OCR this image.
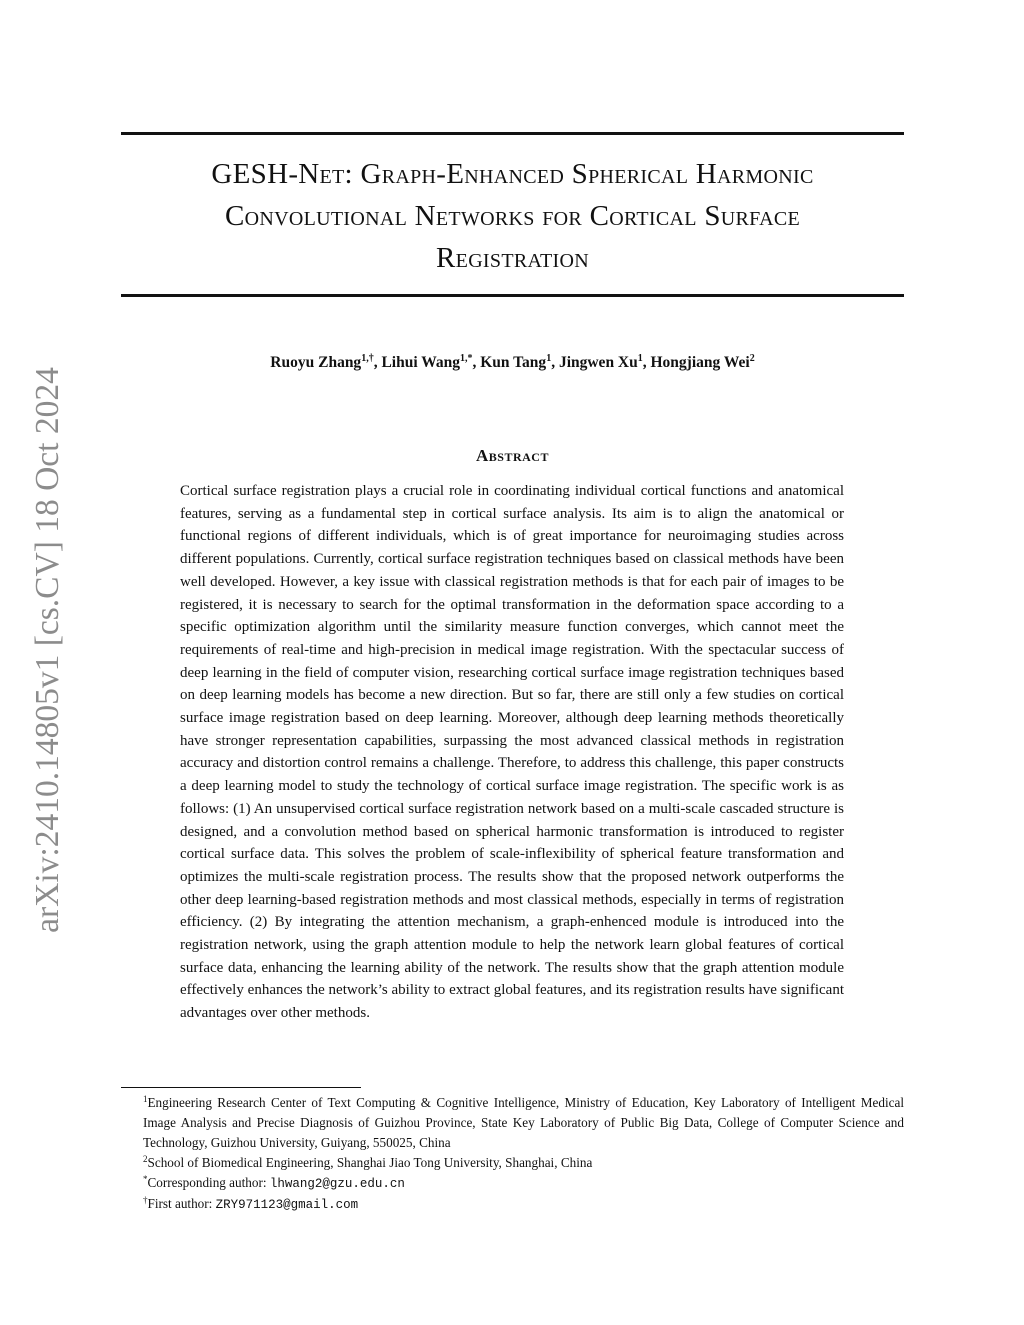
arXiv:2410.14805v1 [cs.CV] 18 Oct 2024
GESH-Net: Graph-Enhanced Spherical Harmonic
Convolutional Networks for Cortical Surface
Registration
Ruoyu Zhang$^{1,\dagger}$, Lihui Wang$^{1,*}$, Kun Tang$^1$, Jingwen Xu$^1$, Hongjiang Wei$^2$
Abstract

Cortical surface registration plays a crucial role in coordinating individual cortical functions and anatomical features, serving as a fundamental step in cortical surface analysis. Its aim is to align the anatomical or functional regions of different individuals, which is of great importance for neuroimaging studies across different populations. Currently, cortical surface registration techniques based on classical methods have been well developed. However, a key issue with classical registration methods is that for each pair of images to be registered, it is necessary to search for the optimal transformation in the deformation space according to a specific optimization algorithm until the similarity measure function converges, which cannot meet the requirements of real-time and high-precision in medical image registration. With the spectacular success of deep learning in the field of computer vision, researching cortical surface image registration techniques based on deep learning models has become a new direction. But so far, there are still only a few studies on cortical surface image registration based on deep learning. Moreover, although deep learning methods theoretically have stronger representation capabilities, surpassing the most advanced classical methods in registration accuracy and distortion control remains a challenge. Therefore, to address this challenge, this paper constructs a deep learning model to study the technology of cortical surface image registration. The specific work is as follows: (1) An unsupervised cortical surface registration network based on a multi-scale cascaded structure is designed, and a convolution method based on spherical harmonic transformation is introduced to register cortical surface data. This solves the problem of scale-inflexibility of spherical feature transformation and optimizes the multi-scale registration process. The results show that the proposed network outperforms the other deep learning-based registration methods and most classical methods, especially in terms of registration efficiency. (2) By integrating the attention mechanism, a graph-enhenced module is introduced into the registration network, using the graph attention module to help the network learn global features of cortical surface data, enhancing the learning ability of the network. The results show that the graph attention module effectively enhances the network’s ability to extract global features, and its registration results have significant advantages over other methods.

$^1$Engineering Research Center of Text Computing & Cognitive Intelligence, Ministry of Education, Key Laboratory of Intelligent Medical Image Analysis and Precise Diagnosis of Guizhou Province, State Key Laboratory of Public Big Data, College of Computer Science and Technology, Guizhou University, Guiyang, 550025, China

$^2$School of Biomedical Engineering, Shanghai Jiao Tong University, Shanghai, China

*Corresponding author: lhwang2@gzu.edu.cn

†First author: ZRY971123@gmail.com
